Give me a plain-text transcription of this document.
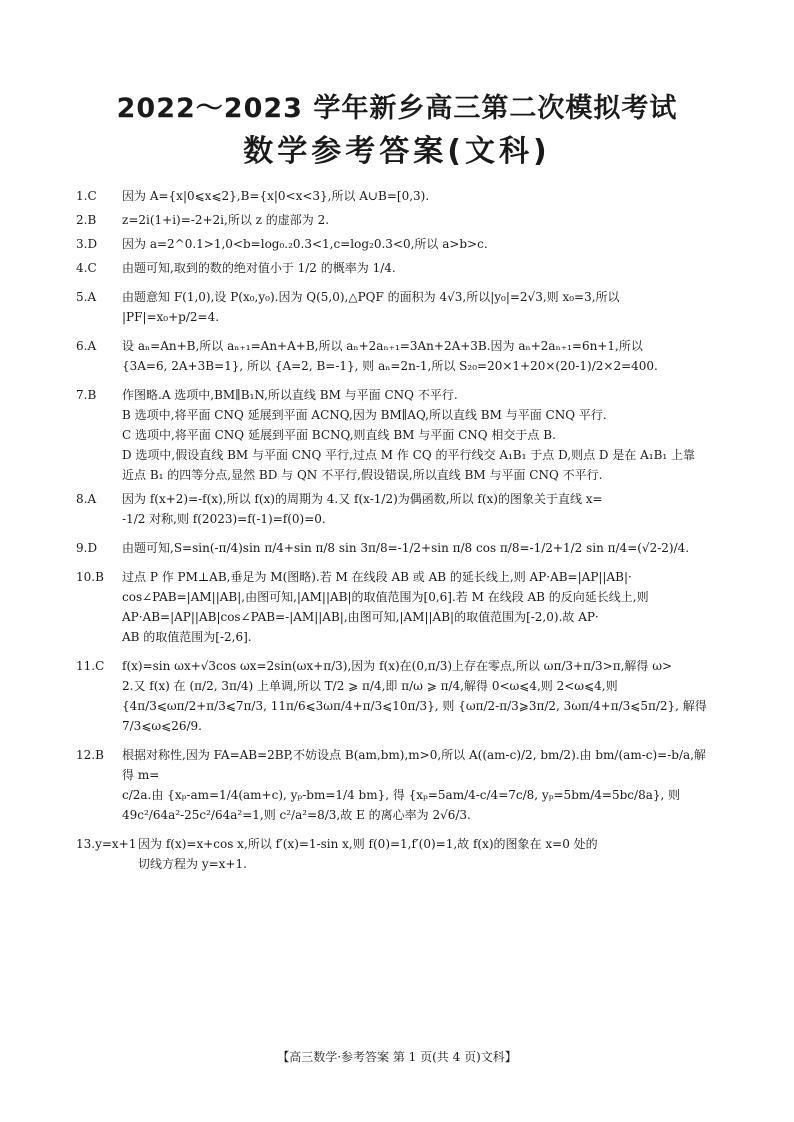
2022～2023 学年新乡高三第二次模拟考试
数学参考答案(文科)
1.C	因为 A={x|0⩽x⩽2},B={x|0<x<3},所以 A∪B=[0,3).
2.B	z=2i(1+i)=-2+2i,所以 z 的虚部为 2.
3.D	因为 a=2^0.1>1,0<b=log₀.₂0.3<1,c=log₂0.3<0,所以 a>b>c.
4.C	由题可知,取到的数的绝对值小于 1/2 的概率为 1/4.
5.A	由题意知 F(1,0),设 P(x₀,y₀).因为 Q(5,0),△PQF 的面积为 4√3,所以|y₀|=2√3,则 x₀=3,所以
|PF|=x₀+p/2=4.
6.A	设 aₙ=An+B,所以 aₙ₊₁=An+A+B,所以 aₙ+2aₙ₊₁=3An+2A+3B.因为 aₙ+2aₙ₊₁=6n+1,所以
{3A=6, 2A+3B=1}, 所以 {A=2, B=-1}, 则 aₙ=2n-1,所以 S₂₀=20×1+20×(20-1)/2×2=400.
7.B	作图略.A 选项中,BM∥B₁N,所以直线 BM 与平面 CNQ 不平行.
B 选项中,将平面 CNQ 延展到平面 ACNQ,因为 BM∥AQ,所以直线 BM 与平面 CNQ 平行.
C 选项中,将平面 CNQ 延展到平面 BCNQ,则直线 BM 与平面 CNQ 相交于点 B.
D 选项中,假设直线 BM 与平面 CNQ 平行,过点 M 作 CQ 的平行线交 A₁B₁ 于点 D,则点 D 是在 A₁B₁ 上靠
近点 B₁ 的四等分点,显然 BD 与 QN 不平行,假设错误,所以直线 BM 与平面 CNQ 不平行.
8.A	因为 f(x+2)=-f(x),所以 f(x)的周期为 4.又 f(x-1/2)为偶函数,所以 f(x)的图象关于直线 x=
-1/2 对称,则 f(2023)=f(-1)=f(0)=0.
9.D	由题可知,S=sin(-π/4)sin π/4+sin π/8 sin 3π/8=-1/2+sin π/8 cos π/8=-1/2+1/2 sin π/4=(√2-2)/4.
10.B	过点 P 作 PM⊥AB,垂足为 M(图略).若 M 在线段 AB 或 AB 的延长线上,则 AP·AB=|AP||AB|·
cos∠PAB=|AM||AB|,由图可知,|AM||AB|的取值范围为[0,6].若 M 在线段 AB 的反向延长线上,则
AP·AB=|AP||AB|cos∠PAB=-|AM||AB|,由图可知,|AM||AB|的取值范围为[-2,0).故 AP·
AB 的取值范围为[-2,6].
11.C	f(x)=sin ωx+√3cos ωx=2sin(ωx+π/3),因为 f(x)在(0,π/3)上存在零点,所以 ωπ/3+π/3>π,解得 ω>
2.又 f(x) 在 (π/2, 3π/4) 上单调,所以 T/2 ⩾ π/4,即 π/ω ⩾ π/4,解得 0<ω⩽4,则 2<ω⩽4,则
{4π/3⩽ωπ/2+π/3⩽7π/3, 11π/6⩽3ωπ/4+π/3⩽10π/3}, 则 {ωπ/2-π/3⩾3π/2, 3ωπ/4+π/3⩽5π/2}, 解得 7/3⩽ω⩽26/9.
12.B	根据对称性,因为 FA=AB=2BP,不妨设点 B(am,bm),m>0,所以 A((am-c)/2, bm/2).由 bm/(am-c)=-b/a,解得 m=
c/2a.由 {xₚ-am=1/4(am+c), yₚ-bm=1/4 bm}, 得 {xₚ=5am/4-c/4=7c/8, yₚ=5bm/4=5bc/8a}, 则 49c²/64a²-25c²/64a²=1,则 c²/a²=8/3,故 E 的离心率为 2√6/3.
13.y=x+1 因为 f(x)=x+cos x,所以 f′(x)=1-sin x,则 f(0)=1,f′(0)=1,故 f(x)的图象在 x=0 处的
切线方程为 y=x+1.
【高三数学·参考答案 第 1 页(共 4 页)文科】
